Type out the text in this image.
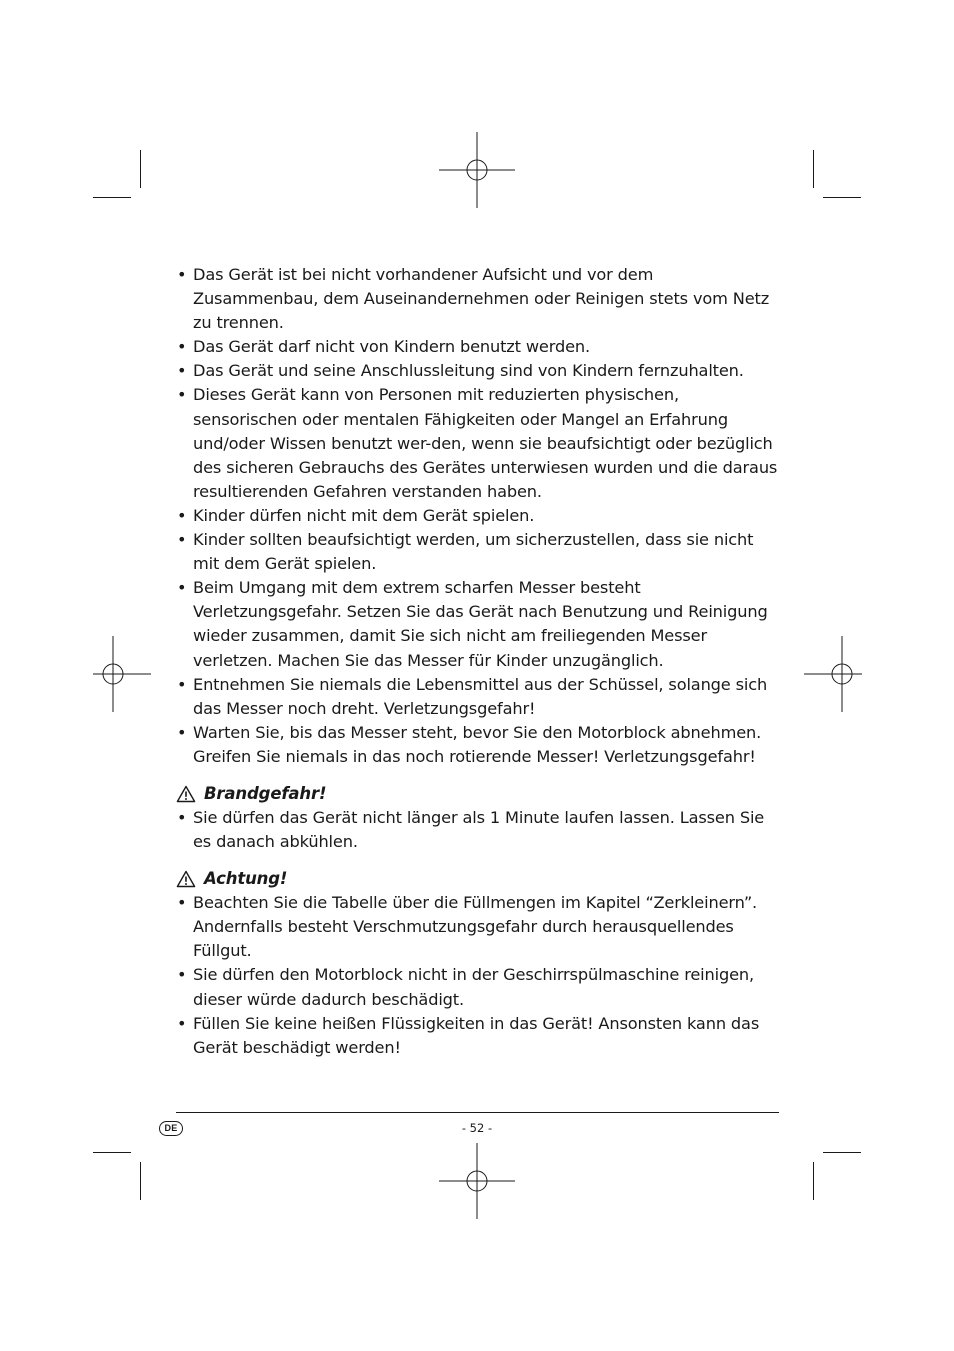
• Das Gerät ist bei nicht vorhandener Aufsicht und vor dem Zusammenbau, dem Auseinandernehmen oder Reinigen stets vom Netz zu trennen.
• Das Gerät darf nicht von Kindern benutzt werden.
• Das Gerät und seine Anschlussleitung sind von Kindern fernzuhalten.
• Dieses Gerät kann von Personen mit reduzierten physischen, sensorischen oder mentalen Fähigkeiten oder Mangel an Erfahrung und/oder Wissen benutzt wer-den, wenn sie beaufsichtigt oder bezüglich des sicheren Gebrauchs des Gerätes unterwiesen wurden und die daraus resultierenden Gefahren verstanden haben.
• Kinder dürfen nicht mit dem Gerät spielen.
• Kinder sollten beaufsichtigt werden, um sicherzustellen, dass sie nicht mit dem Gerät spielen.
• Beim Umgang mit dem extrem scharfen Messer besteht Verletzungsgefahr. Setzen Sie das Gerät nach Benutzung und Reinigung wieder zusammen, damit Sie sich nicht am freiliegenden Messer verletzen. Machen Sie das Messer für Kinder unzugänglich.
• Entnehmen Sie niemals die Lebensmittel aus der Schüssel, solange sich das Messer noch dreht. Verletzungsgefahr!
• Warten Sie, bis das Messer steht, bevor Sie den Motorblock abnehmen. Greifen Sie niemals in das noch rotierende Messer! Verletzungsgefahr!
Brandgefahr!
• Sie dürfen das Gerät nicht länger als 1 Minute laufen lassen. Lassen Sie es danach abkühlen.
Achtung!
• Beachten Sie die Tabelle über die Füllmengen im Kapitel “Zerkleinern”. Andernfalls besteht Verschmutzungsgefahr durch herausquellendes Füllgut.
• Sie dürfen den Motorblock nicht in der Geschirrspülmaschine reinigen, dieser würde dadurch beschädigt.
• Füllen Sie keine heißen Flüssigkeiten in das Gerät! Ansonsten kann das Gerät beschädigt werden!
DE	- 52 -
